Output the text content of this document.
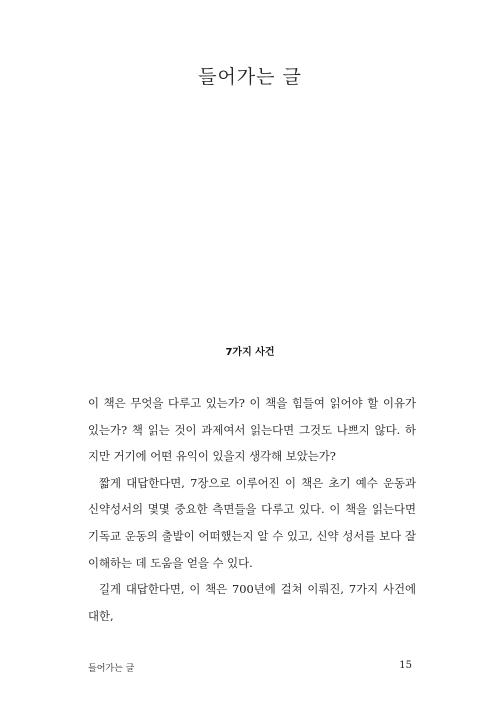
들어가는 글
7가지 사건

이 책은 무엇을 다루고 있는가? 이 책을 힘들여 읽어야 할 이유가 있는가? 책 읽는 것이 과제여서 읽는다면 그것도 나쁘지 않다. 하지만 거기에 어떤 유익이 있을지 생각해 보았는가?

짧게 대답한다면, 7장으로 이루어진 이 책은 초기 예수 운동과 신약성서의 몇몇 중요한 측면들을 다루고 있다. 이 책을 읽는다면 기독교 운동의 출발이 어떠했는지 알 수 있고, 신약 성서를 보다 잘 이해하는 데 도움을 얻을 수 있다.

길게 대답한다면, 이 책은 700년에 걸쳐 이뤄진, 7가지 사건에 대한,

들어가는 글	15
